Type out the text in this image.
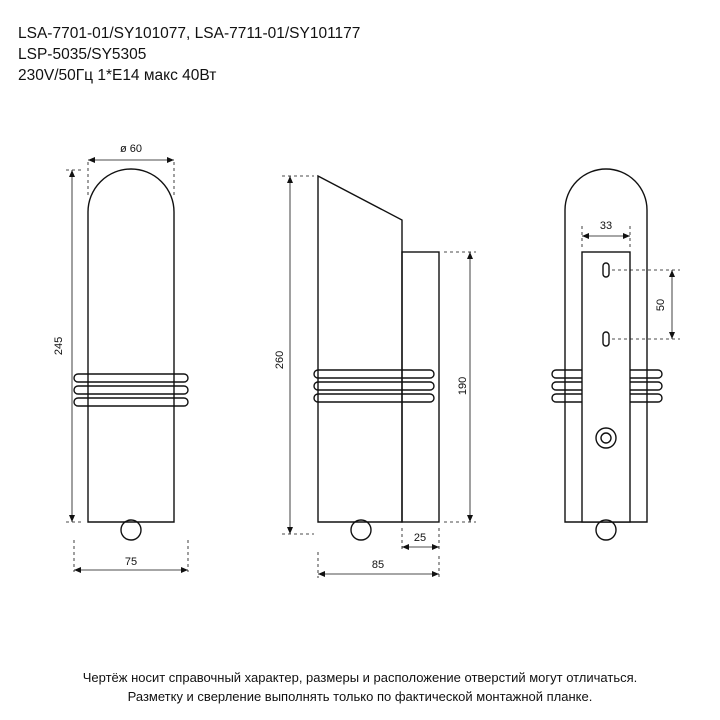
LSA-7701-01/SY101077, LSA-7711-01/SY101177
LSP-5035/SY5305
230V/50Гц 1*E14 макс 40Вт
ø 60
245
75
260
190
25
85
33
50
Чертёж носит справочный характер, размеры и расположение отверстий могут отличаться.
Разметку и сверление выполнять только по фактической монтажной планке.
